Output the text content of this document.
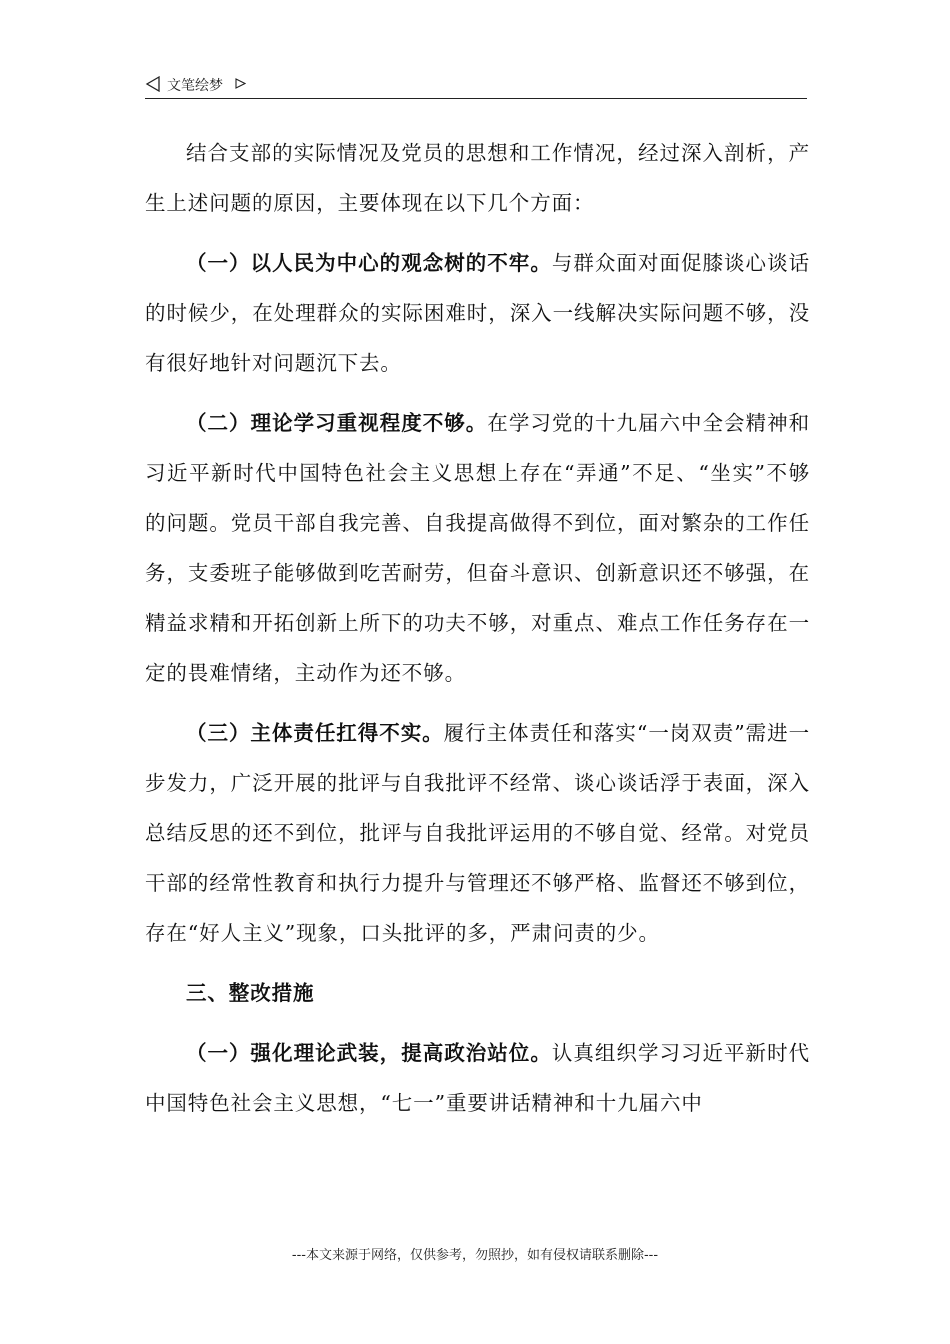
文笔绘梦

结合支部的实际情况及党员的思想和工作情况，经过深入剖析，产生上述问题的原因，主要体现在以下几个方面：

（一）以人民为中心的观念树的不牢。与群众面对面促膝谈心谈话的时候少，在处理群众的实际困难时，深入一线解决实际问题不够，没有很好地针对问题沉下去。

（二）理论学习重视程度不够。在学习党的十九届六中全会精神和习近平新时代中国特色社会主义思想上存在“弄通”不足、“坐实”不够的问题。党员干部自我完善、自我提高做得不到位，面对繁杂的工作任务，支委班子能够做到吃苦耐劳，但奋斗意识、创新意识还不够强，在精益求精和开拓创新上所下的功夫不够，对重点、难点工作任务存在一定的畏难情绪，主动作为还不够。

（三）主体责任扛得不实。履行主体责任和落实“一岗双责”需进一步发力，广泛开展的批评与自我批评不经常、谈心谈话浮于表面，深入总结反思的还不到位，批评与自我批评运用的不够自觉、经常。对党员干部的经常性教育和执行力提升与管理还不够严格、监督还不够到位，存在“好人主义”现象，口头批评的多，严肃问责的少。

三、整改措施

（一）强化理论武装，提高政治站位。认真组织学习习近平新时代中国特色社会主义思想，“七一”重要讲话精神和十九届六中

---本文来源于网络，仅供参考，勿照抄，如有侵权请联系删除---
